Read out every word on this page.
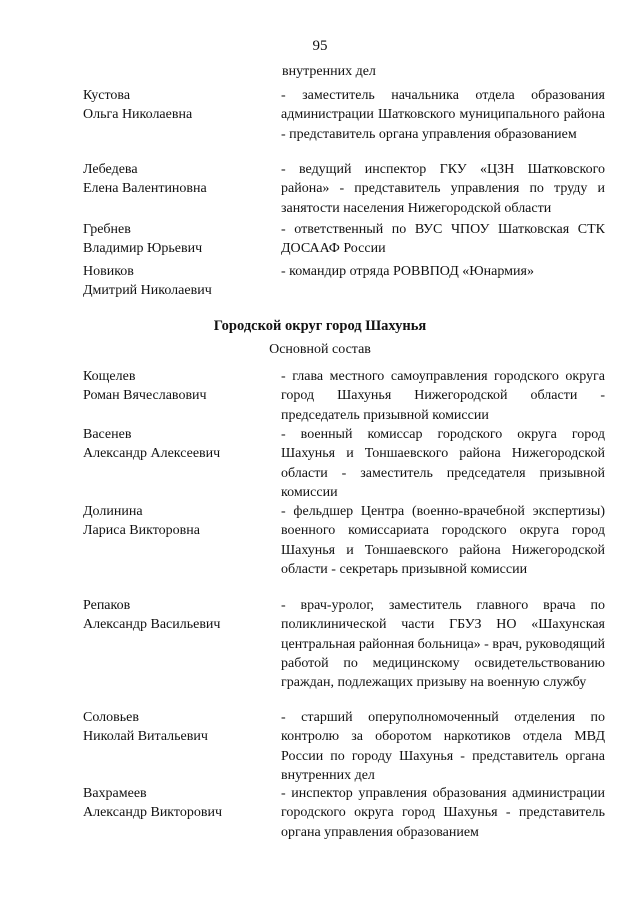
95
внутренних дел
Кустова
Ольга Николаевна
- заместитель начальника отдела образования администрации Шатковского муниципального района - представитель органа управления образованием
Лебедева
Елена Валентиновна
- ведущий инспектор ГКУ «ЦЗН Шатковского района» - представитель управления по труду и занятости населения Нижегородской области
Гребнев
Владимир Юрьевич
- ответственный по ВУС ЧПОУ Шатковская СТК ДОСААФ России
Новиков
Дмитрий Николаевич
- командир отряда РОВВПОД «Юнармия»
Городской округ город Шахунья
Основной состав
Кощелев
Роман Вячеславович
- глава местного самоуправления городского округа город Шахунья Нижегородской области - председатель призывной комиссии
Васенев
Александр Алексеевич
- военный комиссар городского округа город Шахунья и Тоншаевского района Нижегородской области - заместитель председателя призывной комиссии
Долинина
Лариса Викторовна
- фельдшер Центра (военно-врачебной экспертизы) военного комиссариата городского округа город Шахунья и Тоншаевского района Нижегородской области - секретарь призывной комиссии
Репаков
Александр Васильевич
- врач-уролог, заместитель главного врача по поликлинической части ГБУЗ НО «Шахунская центральная районная больница» - врач, руководящий работой по медицинскому освидетельствованию граждан, подлежащих призыву на военную службу
Соловьев
Николай Витальевич
- старший оперуполномоченный отделения по контролю за оборотом наркотиков отдела МВД России по городу Шахунья - представитель органа внутренних дел
Вахрамеев
Александр Викторович
- инспектор управления образования администрации городского округа город Шахунья - представитель органа управления образованием
